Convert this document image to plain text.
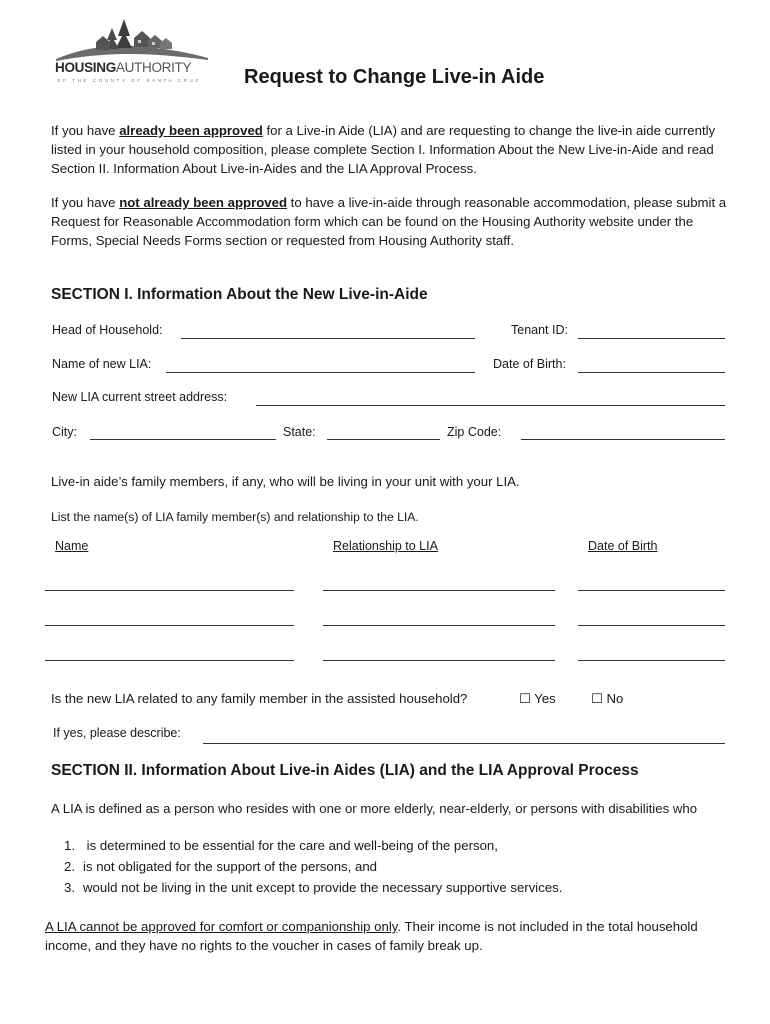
HOUSINGAUTHORITY
OF THE COUNTY OF SANTA CRUZ Request to Change Live-in Aide
If you have already been approved for a Live-in Aide (LIA) and are requesting to change the live-in aide currently listed in your household composition, please complete Section I. Information About the New Live-in-Aide and read Section II. Information About Live-in-Aides and the LIA Approval Process.
If you have not already been approved to have a live-in-aide through reasonable accommodation, please submit a Request for Reasonable Accommodation form which can be found on the Housing Authority website under the Forms, Special Needs Forms section or requested from Housing Authority staff.
SECTION I. Information About the New Live-in-Aide
Head of Household:	Tenant ID:
Name of new LIA:	Date of Birth:
New LIA current street address:
City:	State:	Zip Code:
Live-in aide’s family members, if any, who will be living in your unit with your LIA.
List the name(s) of LIA family member(s) and relationship to the LIA.
Name	Relationship to LIA	Date of Birth
Is the new LIA related to any family member in the assisted household?	☐ Yes	☐ No
If yes, please describe:
SECTION II. Information About Live-in Aides (LIA) and the LIA Approval Process
A LIA is defined as a person who resides with one or more elderly, near-elderly, or persons with disabilities who
1. is determined to be essential for the care and well-being of the person,
2. is not obligated for the support of the persons, and
3. would not be living in the unit except to provide the necessary supportive services.
A LIA cannot be approved for comfort or companionship only. Their income is not included in the total household income, and they have no rights to the voucher in cases of family break up.
